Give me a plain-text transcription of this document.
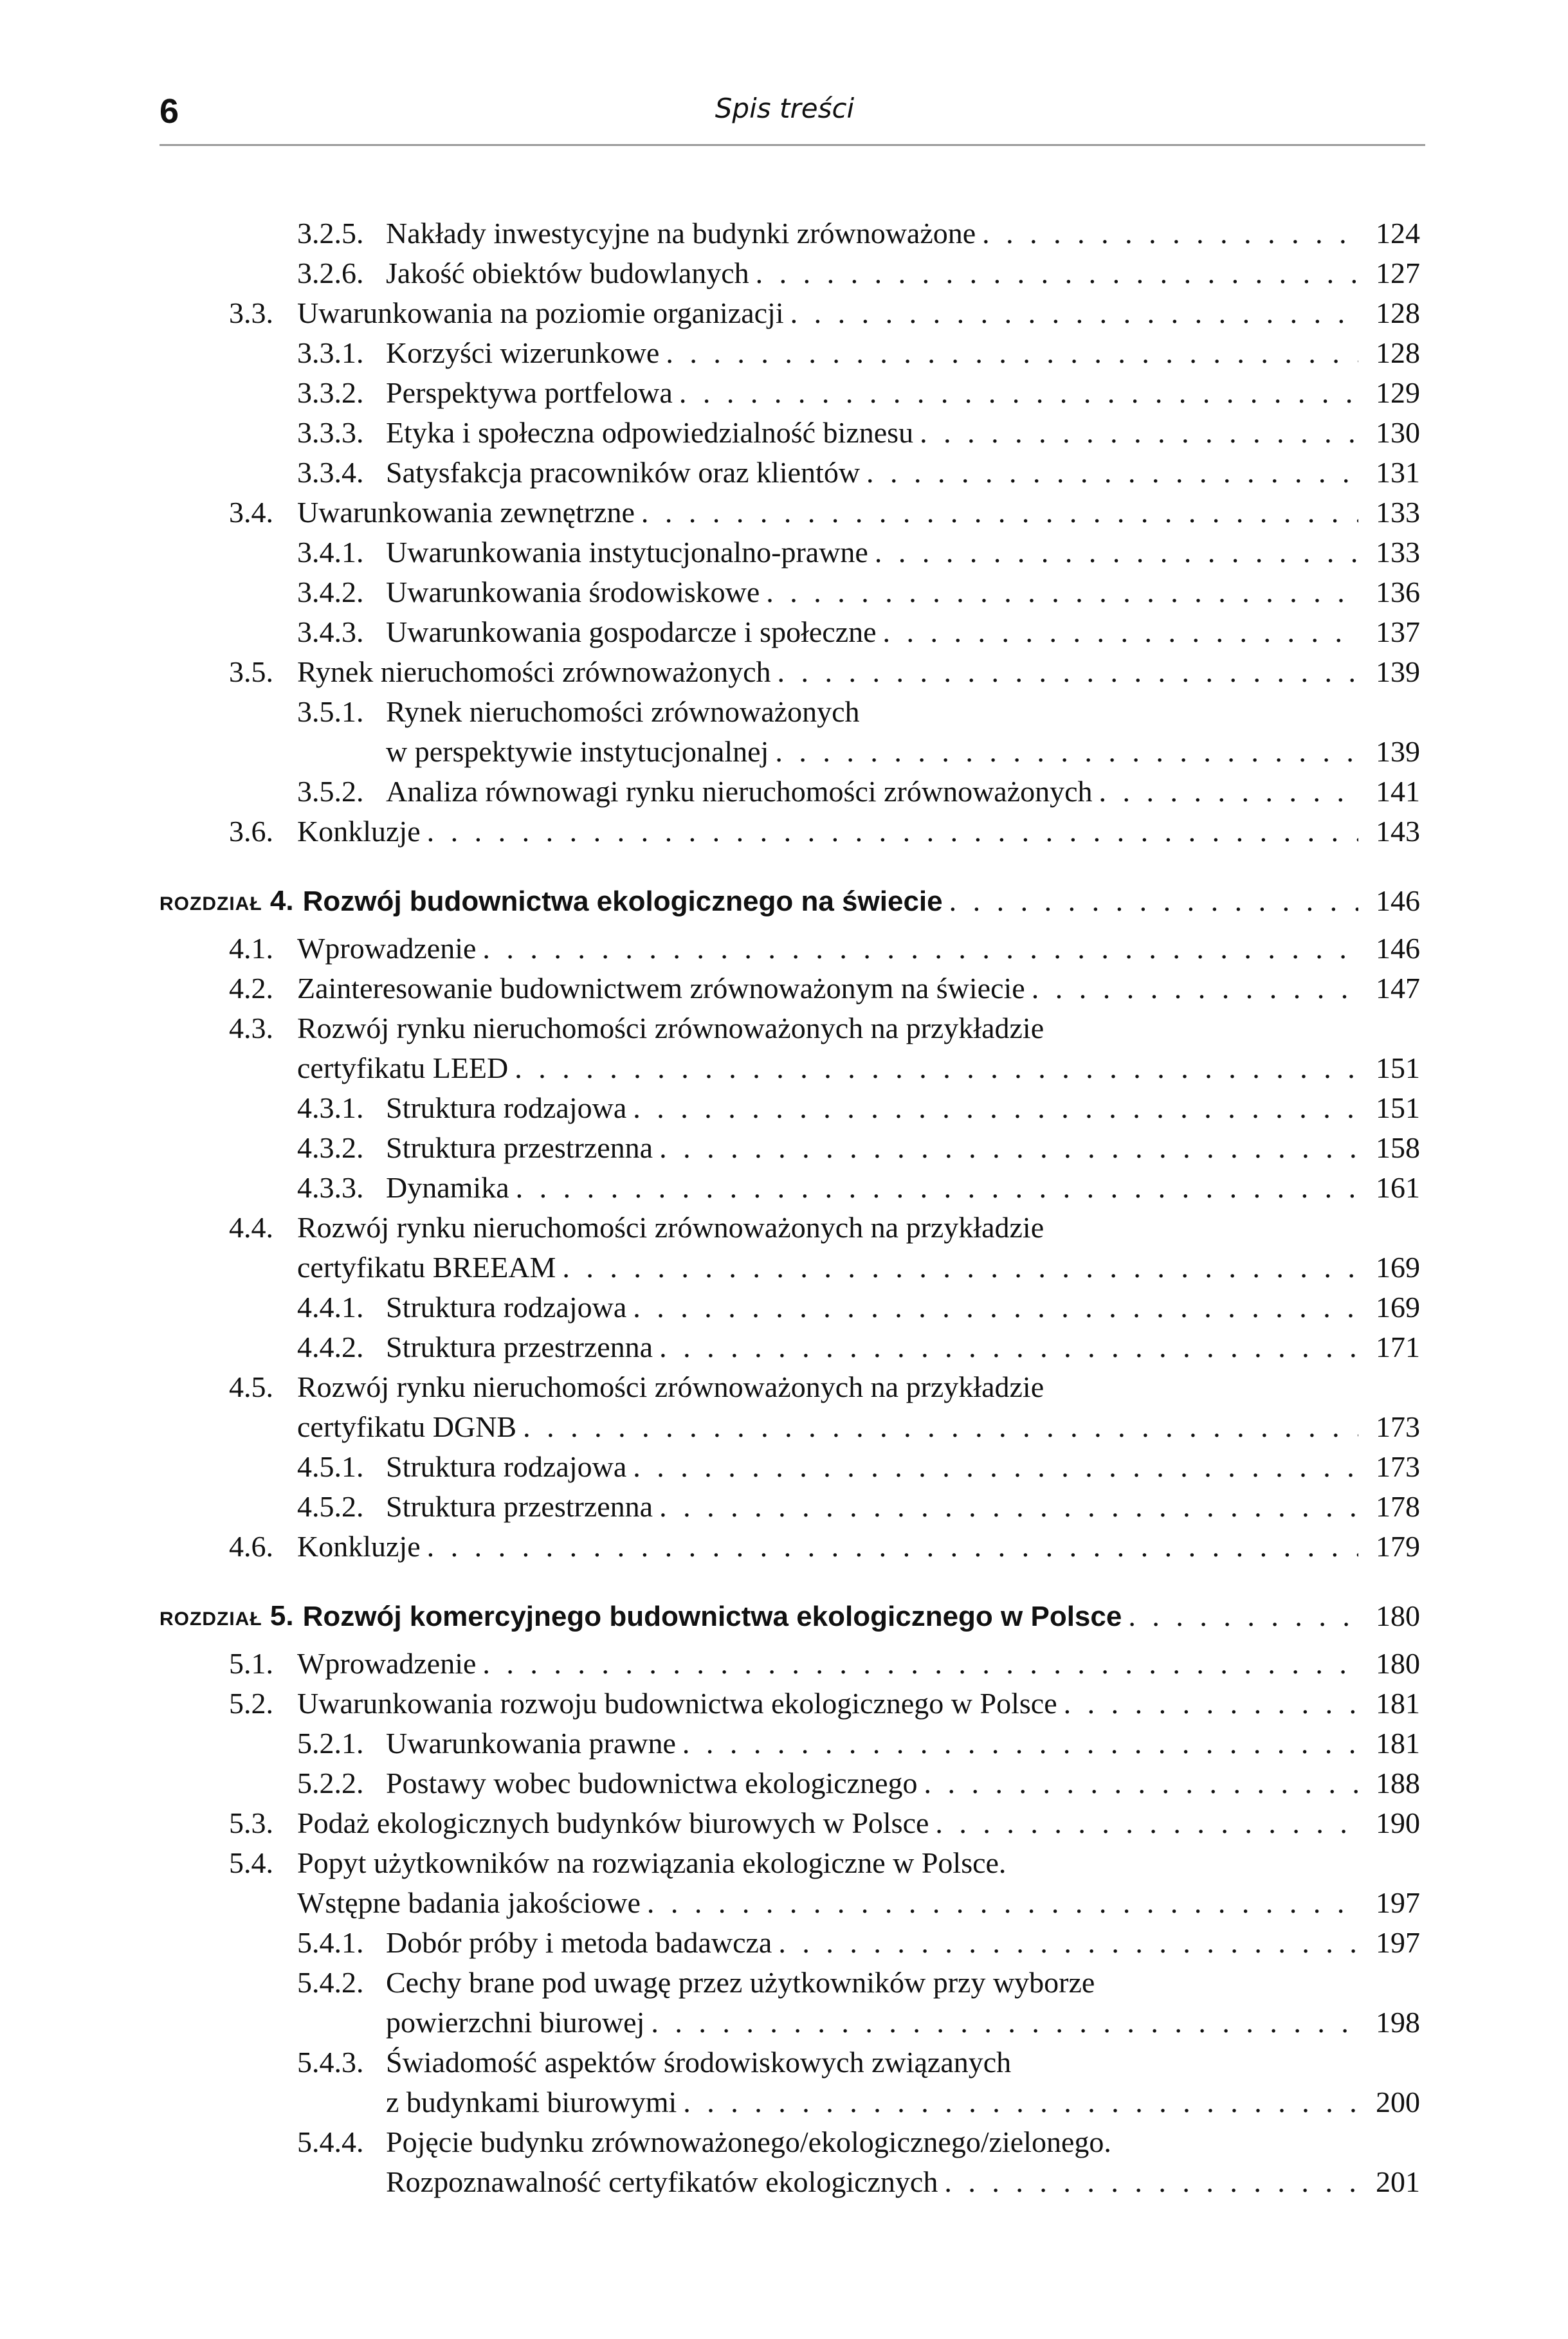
6	Spis treści
3.2.5. Nakłady inwestycyjne na budynki zrównoważone . . .	124
3.2.6. Jakość obiektów budowlanych . . .	127
3.3. Uwarunkowania na poziomie organizacji . . .	128
3.3.1. Korzyści wizerunkowe . . .	128
3.3.2. Perspektywa portfelowa . . .	129
3.3.3. Etyka i społeczna odpowiedzialność biznesu . . .	130
3.3.4. Satysfakcja pracowników oraz klientów . . .	131
3.4. Uwarunkowania zewnętrzne . . .	133
3.4.1. Uwarunkowania instytucjonalno-prawne . . .	133
3.4.2. Uwarunkowania środowiskowe . . .	136
3.4.3. Uwarunkowania gospodarcze i społeczne . . .	137
3.5. Rynek nieruchomości zrównoważonych . . .	139
3.5.1. Rynek nieruchomości zrównoważonych
w perspektywie instytucjonalnej . . .	139
3.5.2. Analiza równowagi rynku nieruchomości zrównoważonych . . .	141
3.6. Konkluzje . . .	143
ROZDZIAŁ 4. Rozwój budownictwa ekologicznego na świecie . . .	146
4.1. Wprowadzenie . . .	146
4.2. Zainteresowanie budownictwem zrównoważonym na świecie . . .	147
4.3. Rozwój rynku nieruchomości zrównoważonych na przykładzie
certyfikatu LEED . . .	151
4.3.1. Struktura rodzajowa . . .	151
4.3.2. Struktura przestrzenna . . .	158
4.3.3. Dynamika . . .	161
4.4. Rozwój rynku nieruchomości zrównoważonych na przykładzie
certyfikatu BREEAM . . .	169
4.4.1. Struktura rodzajowa . . .	169
4.4.2. Struktura przestrzenna . . .	171
4.5. Rozwój rynku nieruchomości zrównoważonych na przykładzie
certyfikatu DGNB . . .	173
4.5.1. Struktura rodzajowa . . .	173
4.5.2. Struktura przestrzenna . . .	178
4.6. Konkluzje . . .	179
ROZDZIAŁ 5. Rozwój komercyjnego budownictwa ekologicznego w Polsce . . .	180
5.1. Wprowadzenie . . .	180
5.2. Uwarunkowania rozwoju budownictwa ekologicznego w Polsce . . .	181
5.2.1. Uwarunkowania prawne . . .	181
5.2.2. Postawy wobec budownictwa ekologicznego . . .	188
5.3. Podaż ekologicznych budynków biurowych w Polsce . . .	190
5.4. Popyt użytkowników na rozwiązania ekologiczne w Polsce.
Wstępne badania jakościowe . . .	197
5.4.1. Dobór próby i metoda badawcza . . .	197
5.4.2. Cechy brane pod uwagę przez użytkowników przy wyborze
powierzchni biurowej . . .	198
5.4.3. Świadomość aspektów środowiskowych związanych
z budynkami biurowymi . . .	200
5.4.4. Pojęcie budynku zrównoważonego/ekologicznego/zielonego.
Rozpoznawalność certyfikatów ekologicznych . . .	201
